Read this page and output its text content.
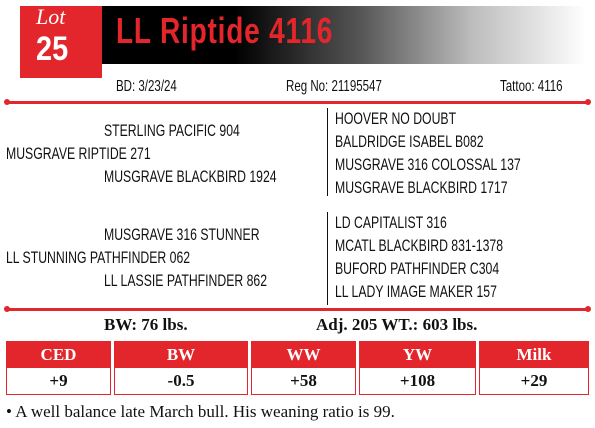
Lot
25 LL Riptide 4116
BD: 3/23/24	Reg No: 21195547	Tattoo: 4116
STERLING PACIFIC 904
MUSGRAVE RIPTIDE 271
MUSGRAVE BLACKBIRD 1924
HOOVER NO DOUBT
BALDRIDGE ISABEL B082
MUSGRAVE 316 COLOSSAL 137
MUSGRAVE BLACKBIRD 1717
MUSGRAVE 316 STUNNER
LL STUNNING PATHFINDER 062
LL LASSIE PATHFINDER 862
LD CAPITALIST 316
MCATL BLACKBIRD 831-1378
BUFORD PATHFINDER C304
LL LADY IMAGE MAKER 157
BW: 76 lbs.	Adj. 205 WT.: 603 lbs.
CED	BW	WW	YW	Milk
+9	-0.5	+58	+108	+29
• A well balance late March bull. His weaning ratio is 99.
